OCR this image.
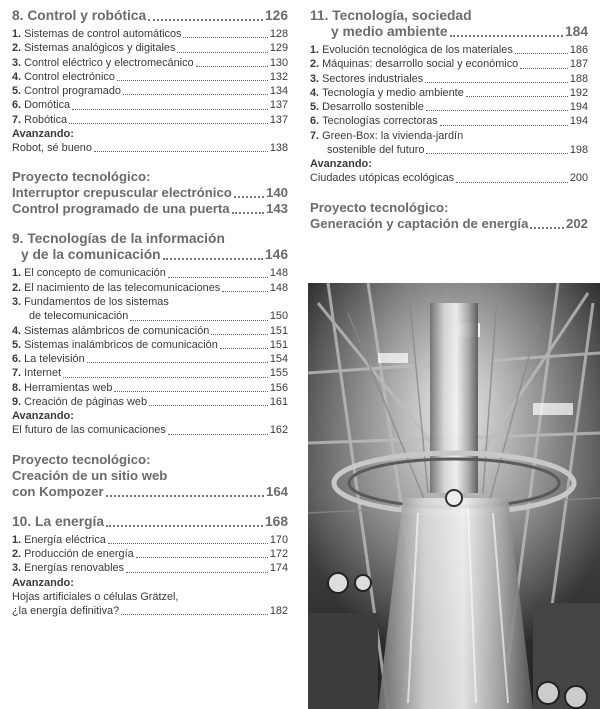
8. Control y robótica	126
1. Sistemas de control automáticos	128
2. Sistemas analógicos y digitales	129
3. Control eléctrico y electromecánico	130
4. Control electrónico	132
5. Control programado	134
6. Domótica	137
7. Robótica	137
Avanzando:
Robot, sé bueno	138
Proyecto tecnológico:
Interruptor crepuscular electrónico	140
Control programado de una puerta	143
9. Tecnologías de la información
y de la comunicación	146
1. El concepto de comunicación	148
2. El nacimiento de las telecomunicaciones	148
3. Fundamentos de los sistemas
de telecomunicación	150
4. Sistemas alámbricos de comunicación	151
5. Sistemas inalámbricos de comunicación	151
6. La televisión	154
7. Internet	155
8. Herramientas web	156
9. Creación de páginas web	161
Avanzando:
El futuro de las comunicaciones	162
Proyecto tecnológico:
Creación de un sitio web
con Kompozer	164
10. La energía	168
1. Energía eléctrica	170
2. Producción de energía	172
3. Energías renovables	174
Avanzando:
Hojas artificiales o células Grätzel,
¿la energía definitiva?	182
11. Tecnología, sociedad
y medio ambiente	184
1. Evolución tecnológica de los materiales	186
2. Máquinas: desarrollo social y económico	187
3. Sectores industriales	188
4. Tecnología y medio ambiente	192
5. Desarrollo sostenible	194
6. Tecnologías correctoras	194
7. Green-Box: la vivienda-jardín
sostenible del futuro	198
Avanzando:
Ciudades utópicas ecológicas	200
Proyecto tecnológico:
Generación y captación de energía	202
